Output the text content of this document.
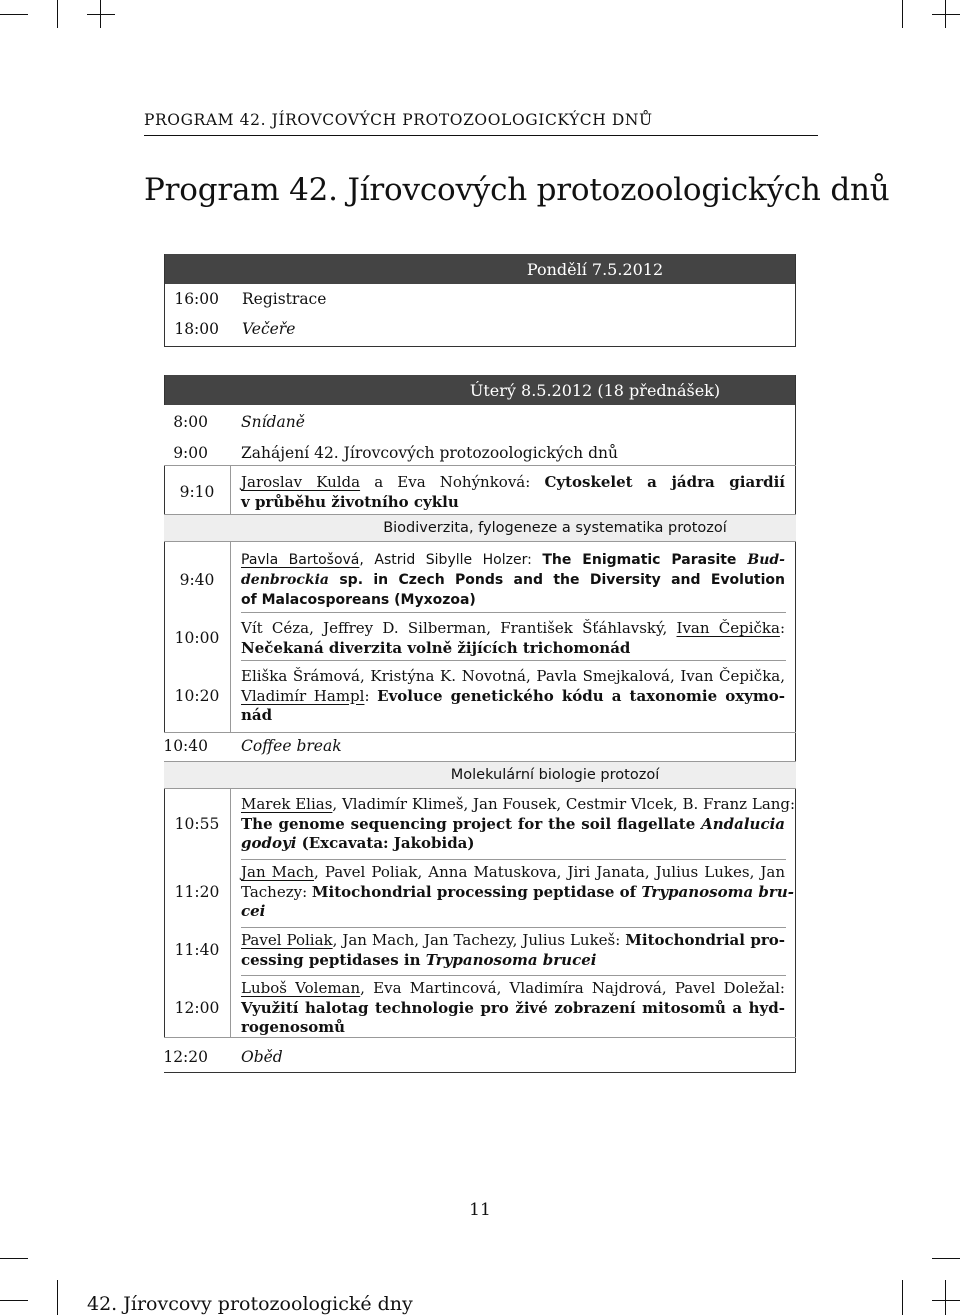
PROGRAM 42. JÍROVCOVÝCH PROTOZOOLOGICKÝCH DNŮ
Program 42. Jírovcových protozoologických dnů
Pondělí 7.5.2012
16:00 Registrace
18:00 Večeře
Úterý 8.5.2012 (18 přednášek)
8:00 Snídaně
9:00 Zahájení 42. Jírovcových protozoologických dnů
9:10
Jaroslav Kulda a Eva Nohýnková: Cytoskelet a jádra giardií
v průběhu životního cyklu
Biodiverzita, fylogeneze a systematika protozoí
9:40
Pavla Bartošová, Astrid Sibylle Holzer: The Enigmatic Parasite Bud-
denbrockia sp. in Czech Ponds and the Diversity and Evolution
of Malacosporeans (Myxozoa)
10:00
Vít Céza, Jeffrey D. Silberman, František Šťáhlavský, Ivan Čepička:
Nečekaná diverzita volně žijících trichomonád
10:20
Eliška Šrámová, Kristýna K. Novotná, Pavla Smejkalová, Ivan Čepička,
Vladimír Hampl: Evoluce genetického kódu a taxonomie oxymo-
nád
10:40 Coffee break
Molekulární biologie protozoí
10:55
Marek Elias, Vladimír Klimeš, Jan Fousek, Cestmir Vlcek, B. Franz Lang:
The genome sequencing project for the soil flagellate Andalucia
godoyi (Excavata: Jakobida)
11:20
Jan Mach, Pavel Poliak, Anna Matuskova, Jiri Janata, Julius Lukes, Jan
Tachezy: Mitochondrial processing peptidase of Trypanosoma bru-
cei
11:40
Pavel Poliak, Jan Mach, Jan Tachezy, Julius Lukeš: Mitochondrial pro-
cessing peptidases in Trypanosoma brucei
12:00
Luboš Voleman, Eva Martincová, Vladimíra Najdrová, Pavel Doležal:
Využití halotag technologie pro živé zobrazení mitosomů a hyd-
rogenosomů
12:20 Oběd
11
42. Jírovcovy protozoologické dny
